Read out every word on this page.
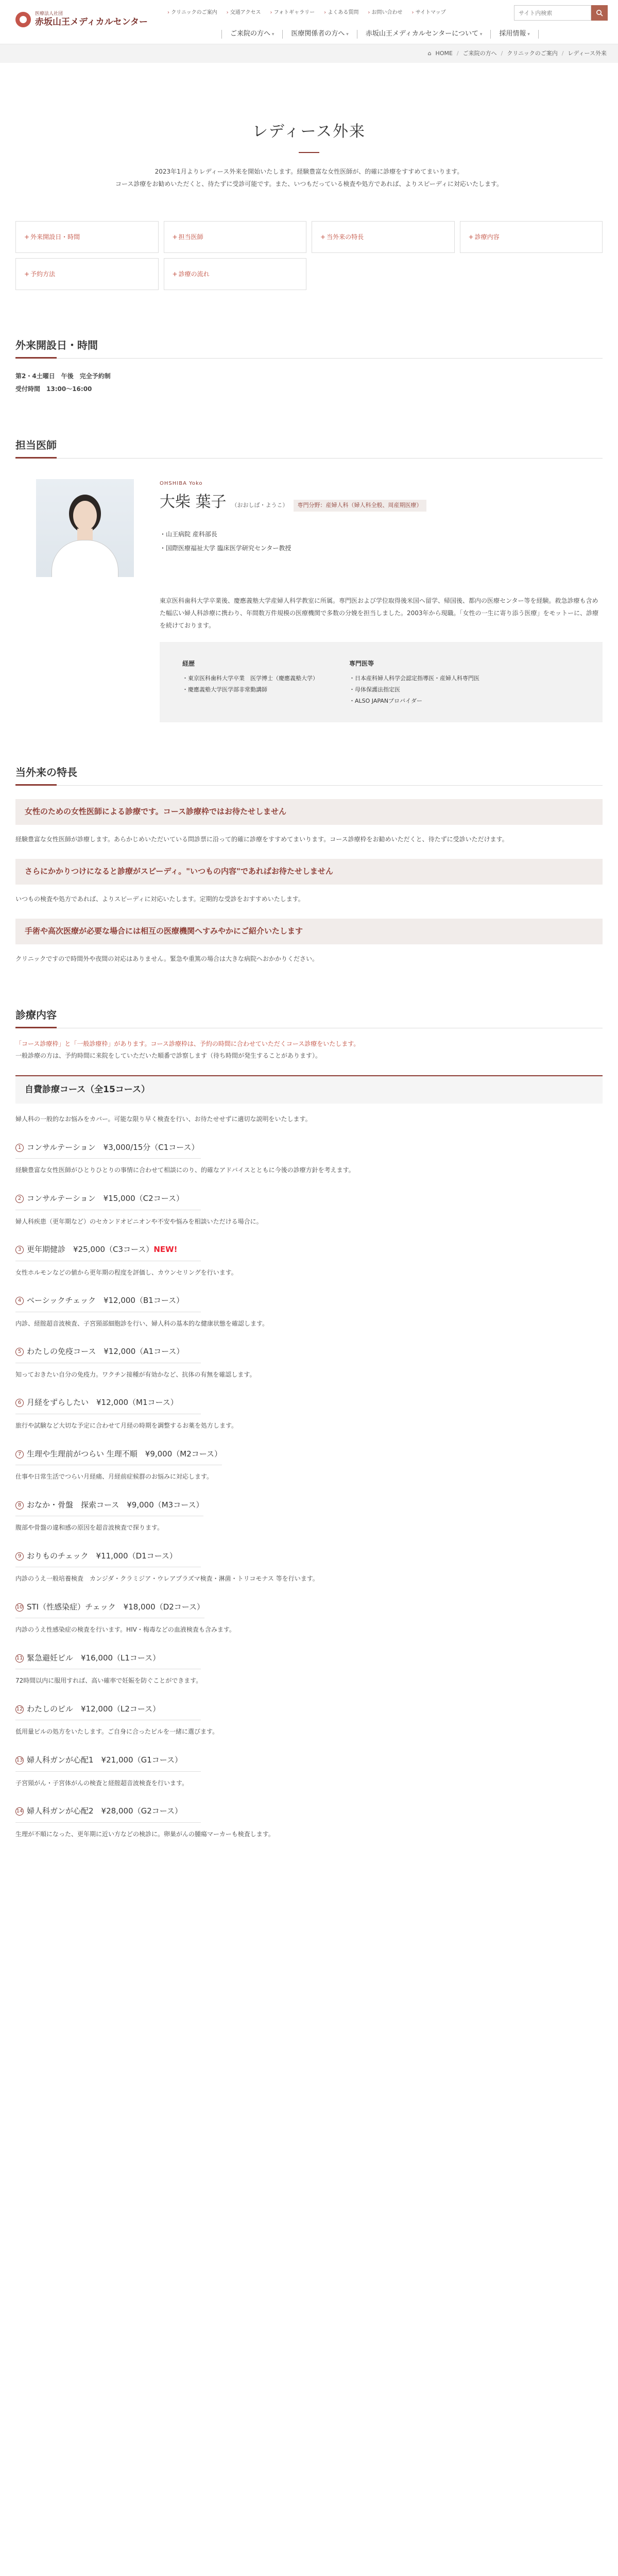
医療法人社団
赤坂山王メディカルセンター
› クリニックのご案内	› 交通アクセス	› フォトギャラリー	› よくある質問	› お問い合わせ	› サイトマップ
サイト内検索
ご来院の方へ ▾	医療関係者の方へ ▾	赤坂山王メディカルセンターについて ▾	採用情報 ▾
⌂ HOME / ご来院の方へ / クリニックのご案内 / レディース外来
レディース外来

2023年1月よりレディース外来を開始いたします。経験豊富な女性医師が、的確に診療をすすめてまいります。

コース診療をお勧めいただくと、待たずに受診可能です。また、いつもだっている検査や処方であれば、よりスピーディに対応いたします。

+ 外来開設日・時間	+ 担当医師	+ 当外来の特長	+ 診療内容
+ 予約方法	+ 診療の流れ
外来開設日・時間

第2・4土曜日　午後　完全予約制

受付時間　13:00〜16:00

担当医師
OHSHIBA Yoko
大柴 葉子 （おおしば・ようこ）	専門分野：産婦人科（婦人科全般、周産期医療）
・ 山王病院 産科部長
・ 国際医療福祉大学 臨床医学研究センター教授

東京医科歯科大学卒業後、慶應義塾大学産婦人科学教室に所属。専門医および学位取得後米国へ留学、帰国後、都内の医療センター等を経験。救急診療も含めた幅広い婦人科診療に携わり、年間数万件規模の医療機関で多数の分娩を担当しました。2003年から現職。「女性の一生に寄り添う医療」をモットーに、診療を続けております。

経歴
・ 東京医科歯科大学卒業　医学博士（慶應義塾大学）
・ 慶應義塾大学医学部非常勤講師
専門医等
・ 日本産科婦人科学会認定指導医・産婦人科専門医
・ 母体保護法指定医
・ ALSO JAPANプロバイダー
当外来の特長
女性のための女性医師による診療です。コース診療枠ではお待たせしません

経験豊富な女性医師が診療します。あらかじめいただいている問診票に沿って的確に診療をすすめてまいります。コース診療枠をお勧めいただくと、待たずに受診いただけます。

さらにかかりつけになると診療がスピーディ。"いつもの内容"であればお待たせしません

いつもの検査や処方であれば、よりスピーディに対応いたします。定期的な受診をおすすめいたします。

手術や高次医療が必要な場合には相互の医療機関へすみやかにご紹介いたします

クリニックですので時間外や夜間の対応はありません。緊急や重篤の場合は大きな病院へおかかりください。

診療内容

「コース診療枠」と「一般診療枠」があります。コース診療枠は、予約の時間に合わせていただくコース診療をいたします。

一般診療の方は、予約時間に来院をしていただいた順番で診察します（待ち時間が発生することがあります）。

自費診療コース（全15コース）

婦人科の一般的なお悩みをカバー。可能な限り早く検査を行い、お待たせせずに適切な説明をいたします。

1 コンサルテーション　¥3,000/15分（C1コース）

経験豊富な女性医師がひとりひとりの事情に合わせて相談にのり、的確なアドバイスとともに今後の診療方針を考えます。

2 コンサルテーション　¥15,000（C2コース）

婦人科疾患（更年期など）のセカンドオピニオンや不安や悩みを相談いただける場合に。

3 更年期健診　¥25,000（C3コース）NEW!

女性ホルモンなどの値から更年期の程度を評価し、カウンセリングを行います。

4 ベーシックチェック　¥12,000（B1コース）

内診、経腟超音波検査、子宮頸部細胞診を行い、婦人科の基本的な健康状態を確認します。

5 わたしの免疫コース　¥12,000（A1コース）

知っておきたい自分の免疫力。ワクチン接種が有効かなど、抗体の有無を確認します。

6 月経をずらしたい　¥12,000（M1コース）

旅行や試験など大切な予定に合わせて月経の時期を調整するお薬を処方します。

7 生理や生理前がつらい 生理不順　¥9,000（M2コース）

仕事や日常生活でつらい月経痛、月経前症候群のお悩みに対応します。

8 おなか・骨盤　探索コース　¥9,000（M3コース）

腹部や骨盤の違和感の原因を超音波検査で探ります。

9 おりものチェック　¥11,000（D1コース）

内診のうえ一般培養検査　カンジダ・クラミジア・ウレアプラズマ検査・淋菌・トリコモナス 等を行います。

10 STI（性感染症）チェック　¥18,000（D2コース）

内診のうえ性感染症の検査を行います。HIV・梅毒などの血液検査も含みます。

11 緊急避妊ピル　¥16,000（L1コース）

72時間以内に服用すれば、高い確率で妊娠を防ぐことができます。

12 わたしのピル　¥12,000（L2コース）

低用量ピルの処方をいたします。ご自身に合ったピルを一緒に選びます。

13 婦人科ガンが心配1　¥21,000（G1コース）

子宮頸がん・子宮体がんの検査と経腟超音波検査を行います。

14 婦人科ガンが心配2　¥28,000（G2コース）

生理が不順になった、更年期に近い方などの検診に。卵巣がんの腫瘍マーカーも検査します。
